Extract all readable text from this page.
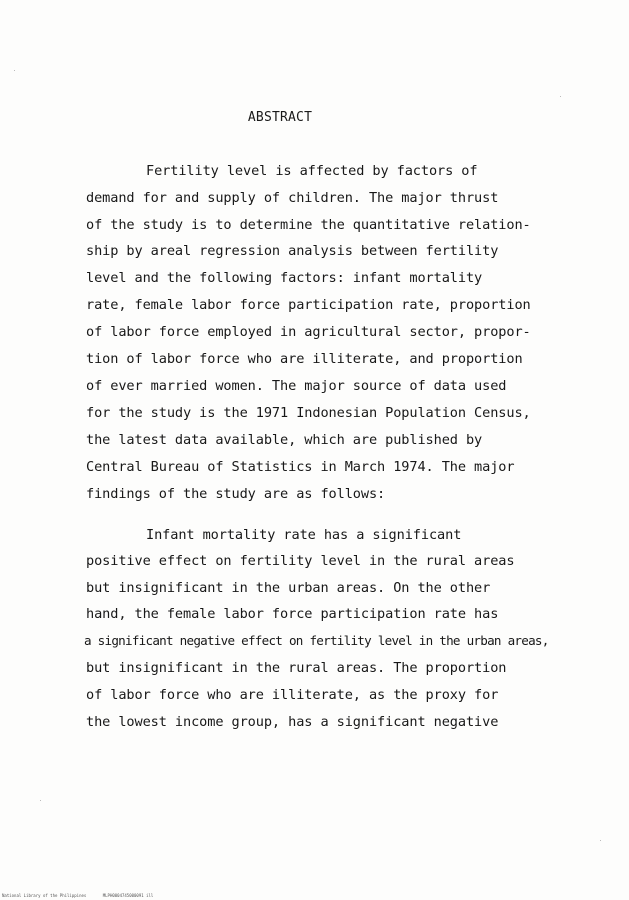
ABSTRACT
Fertility level is affected by factors of
demand for and supply of children. The major thrust
of the study is to determine the quantitative relation-
ship by areal regression analysis between fertility
level and the following factors: infant mortality
rate, female labor force participation rate, proportion
of labor force employed in agricultural sector, propor-
tion of labor force who are illiterate, and proportion
of ever married women. The major source of data used
for the study is the 1971 Indonesian Population Census,
the latest data available, which are published by
Central Bureau of Statistics in March 1974. The major
findings of the study are as follows:
Infant mortality rate has a significant
positive effect on fertility level in the rural areas
but insignificant in the urban areas. On the other
hand, the female labor force participation rate has
a significant negative effect on fertility level in the urban areas,
but insignificant in the rural areas. The proportion
of labor force who are illiterate, as the proxy for
the lowest income group, has a significant negative
National Library of the Philippines	MLPH0004745000091 ill
